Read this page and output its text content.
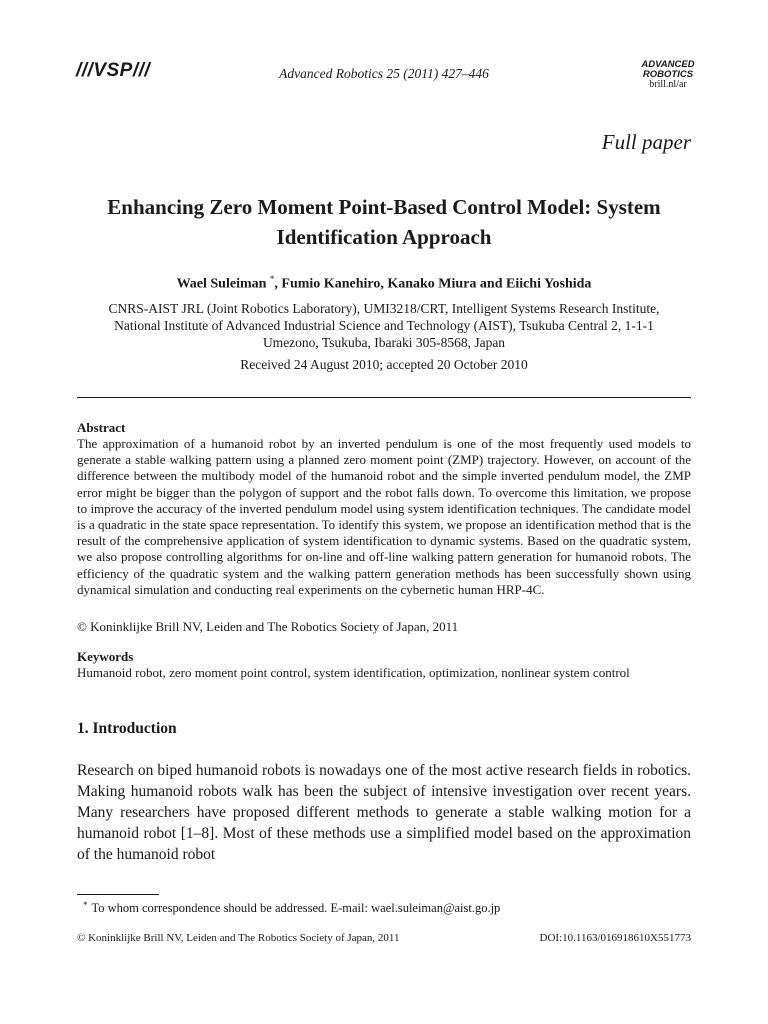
///VSP///	Advanced Robotics 25 (2011) 427–446
ADVANCED
ROBOTICS
brill.nl/ar
Full paper
Enhancing Zero Moment Point-Based Control Model: System Identification Approach
Wael Suleiman *, Fumio Kanehiro, Kanako Miura and Eiichi Yoshida
CNRS-AIST JRL (Joint Robotics Laboratory), UMI3218/CRT, Intelligent Systems Research Institute, National Institute of Advanced Industrial Science and Technology (AIST), Tsukuba Central 2, 1-1-1 Umezono, Tsukuba, Ibaraki 305-8568, Japan
Received 24 August 2010; accepted 20 October 2010
Abstract
The approximation of a humanoid robot by an inverted pendulum is one of the most frequently used models to generate a stable walking pattern using a planned zero moment point (ZMP) trajectory. However, on account of the difference between the multibody model of the humanoid robot and the simple inverted pendulum model, the ZMP error might be bigger than the polygon of support and the robot falls down. To overcome this limitation, we propose to improve the accuracy of the inverted pendulum model using system identification techniques. The candidate model is a quadratic in the state space representation. To identify this system, we propose an identification method that is the result of the comprehensive application of system identification to dynamic systems. Based on the quadratic system, we also propose controlling algorithms for on-line and off-line walking pattern generation for humanoid robots. The efficiency of the quadratic system and the walking pattern generation methods has been successfully shown using dynamical simulation and conducting real experiments on the cybernetic human HRP-4C.
© Koninklijke Brill NV, Leiden and The Robotics Society of Japan, 2011
Keywords
Humanoid robot, zero moment point control, system identification, optimization, nonlinear system control
1. Introduction
Research on biped humanoid robots is nowadays one of the most active research fields in robotics. Making humanoid robots walk has been the subject of intensive investigation over recent years. Many researchers have proposed different methods to generate a stable walking motion for a humanoid robot [1–8]. Most of these methods use a simplified model based on the approximation of the humanoid robot
* To whom correspondence should be addressed. E-mail: wael.suleiman@aist.go.jp
© Koninklijke Brill NV, Leiden and The Robotics Society of Japan, 2011	DOI:10.1163/016918610X551773
